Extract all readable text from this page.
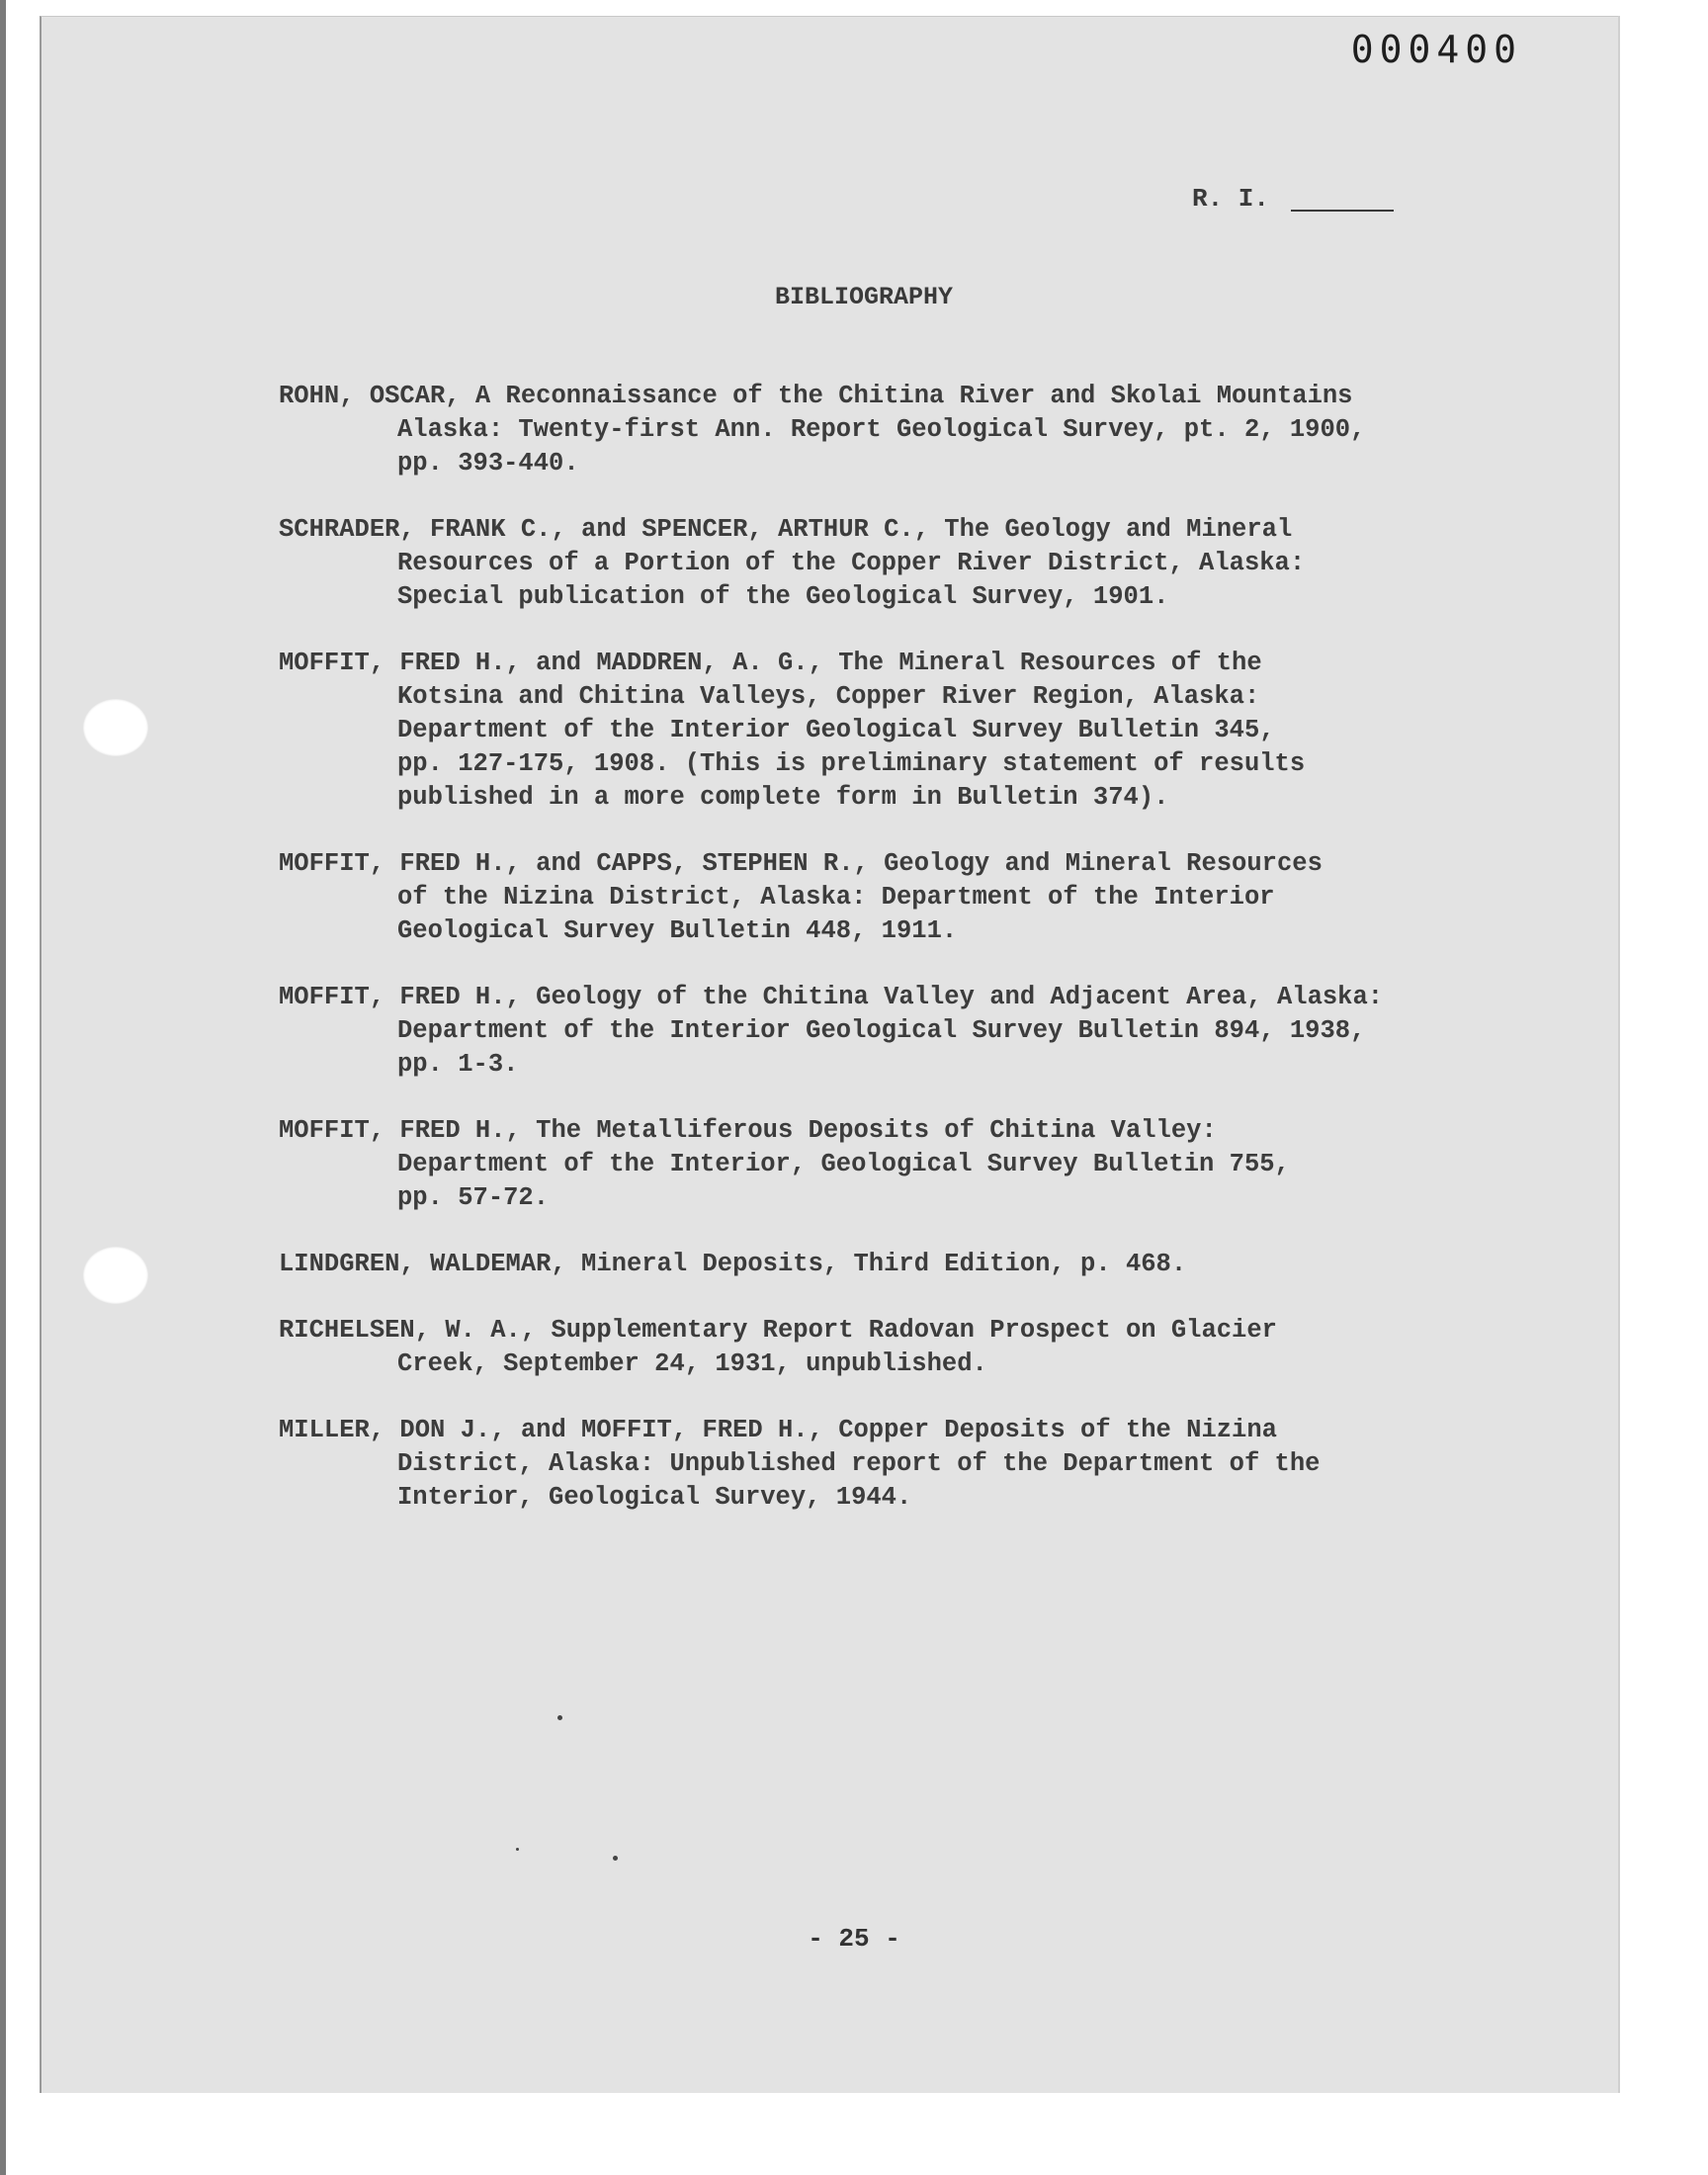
000400
R. I.
BIBLIOGRAPHY
ROHN, OSCAR, A Reconnaissance of the Chitina River and Skolai Mountains
Alaska: Twenty-first Ann. Report Geological Survey, pt. 2, 1900,
pp. 393-440.
SCHRADER, FRANK C., and SPENCER, ARTHUR C., The Geology and Mineral
Resources of a Portion of the Copper River District, Alaska:
Special publication of the Geological Survey, 1901.
MOFFIT, FRED H., and MADDREN, A. G., The Mineral Resources of the
Kotsina and Chitina Valleys, Copper River Region, Alaska:
Department of the Interior Geological Survey Bulletin 345,
pp. 127-175, 1908. (This is preliminary statement of results
published in a more complete form in Bulletin 374).
MOFFIT, FRED H., and CAPPS, STEPHEN R., Geology and Mineral Resources
of the Nizina District, Alaska: Department of the Interior
Geological Survey Bulletin 448, 1911.
MOFFIT, FRED H., Geology of the Chitina Valley and Adjacent Area, Alaska:
Department of the Interior Geological Survey Bulletin 894, 1938,
pp. 1-3.
MOFFIT, FRED H., The Metalliferous Deposits of Chitina Valley:
Department of the Interior, Geological Survey Bulletin 755,
pp. 57-72.
LINDGREN, WALDEMAR, Mineral Deposits, Third Edition, p. 468.
RICHELSEN, W. A., Supplementary Report Radovan Prospect on Glacier
Creek, September 24, 1931, unpublished.
MILLER, DON J., and MOFFIT, FRED H., Copper Deposits of the Nizina
District, Alaska: Unpublished report of the Department of the
Interior, Geological Survey, 1944.
- 25 -
